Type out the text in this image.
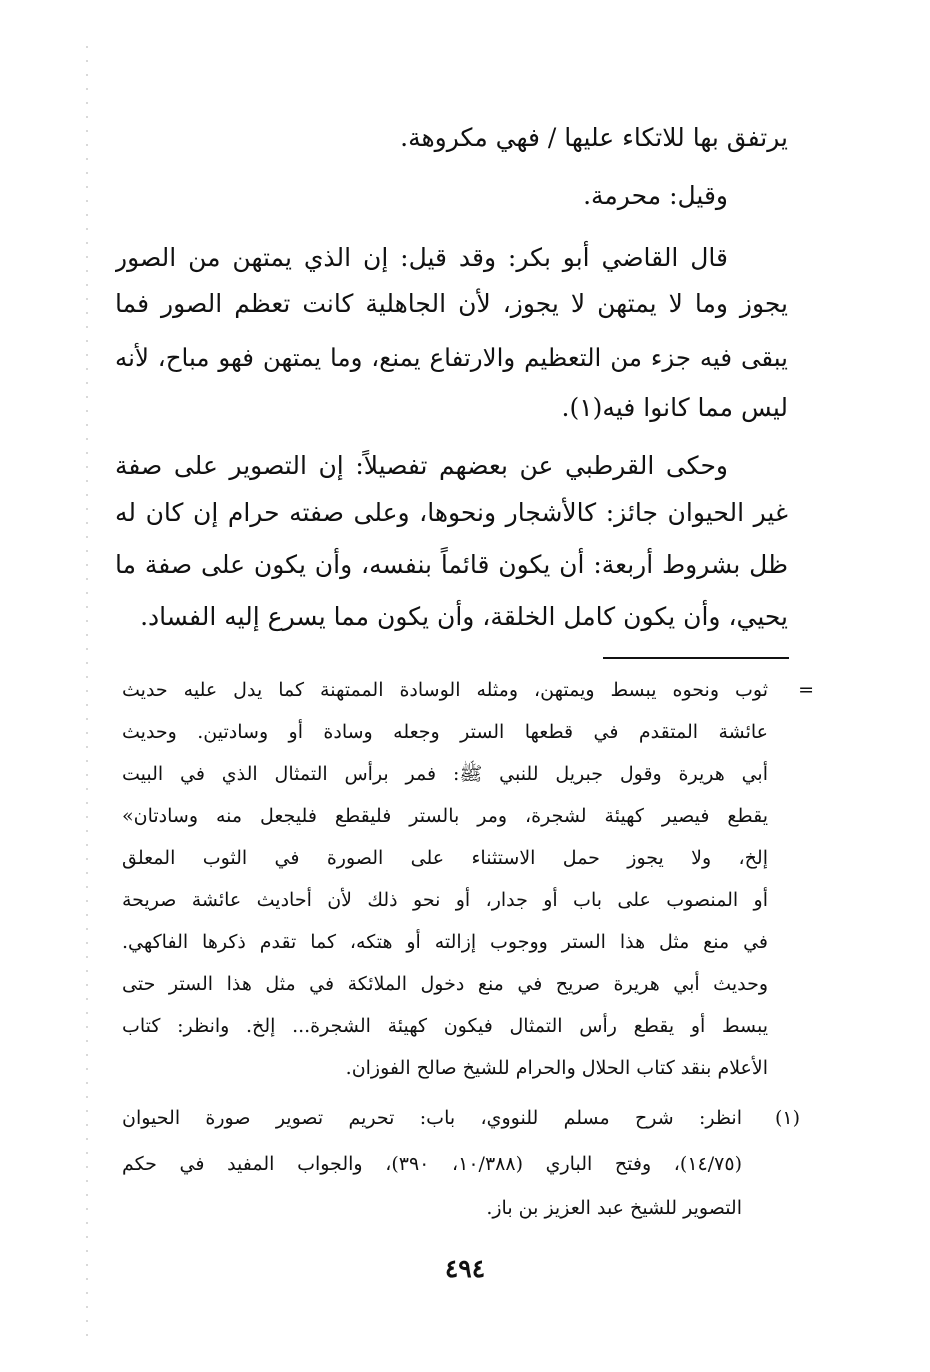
يرتفق بها للاتكاء عليها / فهي مكروهة.
وقيل: محرمة.
قال القاضي أبو بكر: وقد قيل: إن الذي يمتهن من الصور
يجوز وما لا يمتهن لا يجوز، لأن الجاهلية كانت تعظم الصور فما
يبقى فيه جزء من التعظيم والارتفاع يمنع، وما يمتهن فهو مباح، لأنه
ليس مما كانوا فيه(١).
وحكى القرطبي عن بعضهم تفصيلاً: إن التصوير على صفة
غير الحيوان جائز: كالأشجار ونحوها، وعلى صفته حرام إن كان له
ظل بشروط أربعة: أن يكون قائماً بنفسه، وأن يكون على صفة ما
يحيي، وأن يكون كامل الخلقة، وأن يكون مما يسرع إليه الفساد.
=
ثوب ونحوه يبسط ويمتهن، ومثله الوسادة الممتهنة كما يدل عليه حديث
عائشة المتقدم في قطعها الستر وجعله وسادة أو وسادتين. وحديث
أبي هريرة وقول جبريل للنبي ﷺ: فمر برأس التمثال الذي في البيت
يقطع فيصير كهيئة لشجرة، ومر بالستر فليقطع فليجعل منه وسادتان»
إلخ، ولا يجوز حمل الاستثناء على الصورة في الثوب المعلق
أو المنصوب على باب أو جدار، أو نحو ذلك لأن أحاديث عائشة صريحة
في منع مثل هذا الستر ووجوب إزالته أو هتكه، كما تقدم ذكرها الفاكهي.
وحديث أبي هريرة صريح في منع دخول الملائكة في مثل هذا الستر حتى
يبسط أو يقطع رأس التمثال فيكون كهيئة الشجرة... إلخ. وانظر: كتاب
الأعلام بنقد كتاب الحلال والحرام للشيخ صالح الفوزان.
(١)
انظر: شرح مسلم للنووي، باب: تحريم تصوير صورة الحيوان
(١٤/٧٥)، وفتح الباري (١٠/٣٨٨، ٣٩٠)، والجواب المفيد في حكم
التصوير للشيخ عبد العزيز بن باز.
٤٩٤
